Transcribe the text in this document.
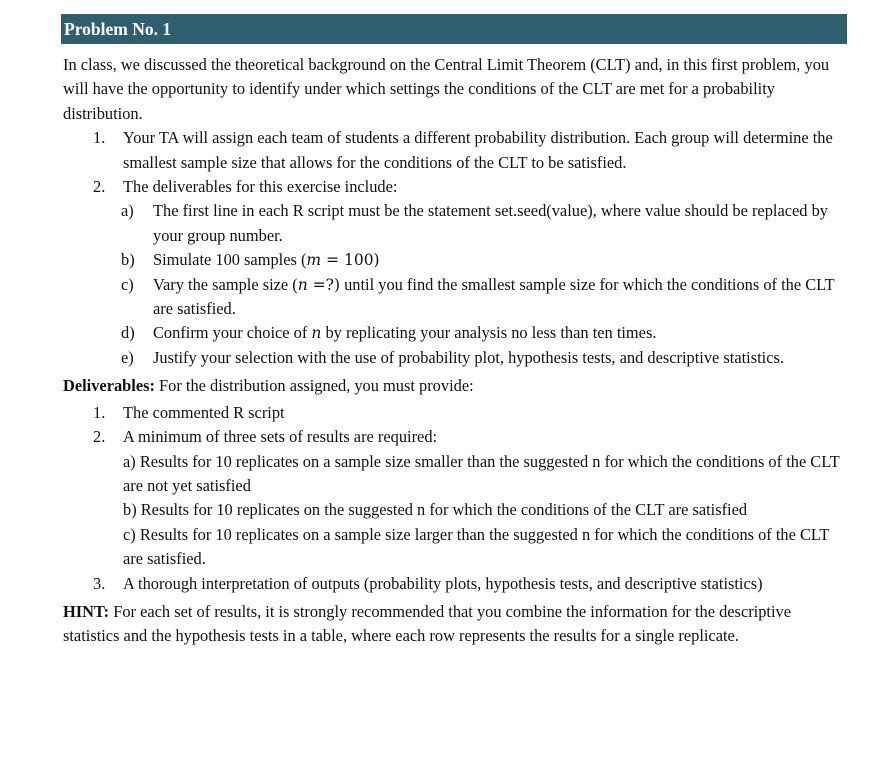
Problem No. 1

In class, we discussed the theoretical background on the Central Limit Theorem (CLT) and, in this first problem, you will have the opportunity to identify under which settings the conditions of the CLT are met for a probability distribution.

1. Your TA will assign each team of students a different probability distribution. Each group will determine the smallest sample size that allows for the conditions of the CLT to be satisfied.
2. The deliverables for this exercise include:
a) The first line in each R script must be the statement set.seed(value), where value should be replaced by your group number.
b) Simulate 100 samples (m = 100)
c) Vary the sample size (n =?) until you find the smallest sample size for which the conditions of the CLT are satisfied.
d) Confirm your choice of n by replicating your analysis no less than ten times.
e) Justify your selection with the use of probability plot, hypothesis tests, and descriptive statistics.

Deliverables: For the distribution assigned, you must provide:

1. The commented R script
2. A minimum of three sets of results are required:
a) Results for 10 replicates on a sample size smaller than the suggested n for which the conditions of the CLT are not yet satisfied
b) Results for 10 replicates on the suggested n for which the conditions of the CLT are satisfied
c) Results for 10 replicates on a sample size larger than the suggested n for which the conditions of the CLT are satisfied.
3. A thorough interpretation of outputs (probability plots, hypothesis tests, and descriptive statistics)

HINT: For each set of results, it is strongly recommended that you combine the information for the descriptive statistics and the hypothesis tests in a table, where each row represents the results for a single replicate.
